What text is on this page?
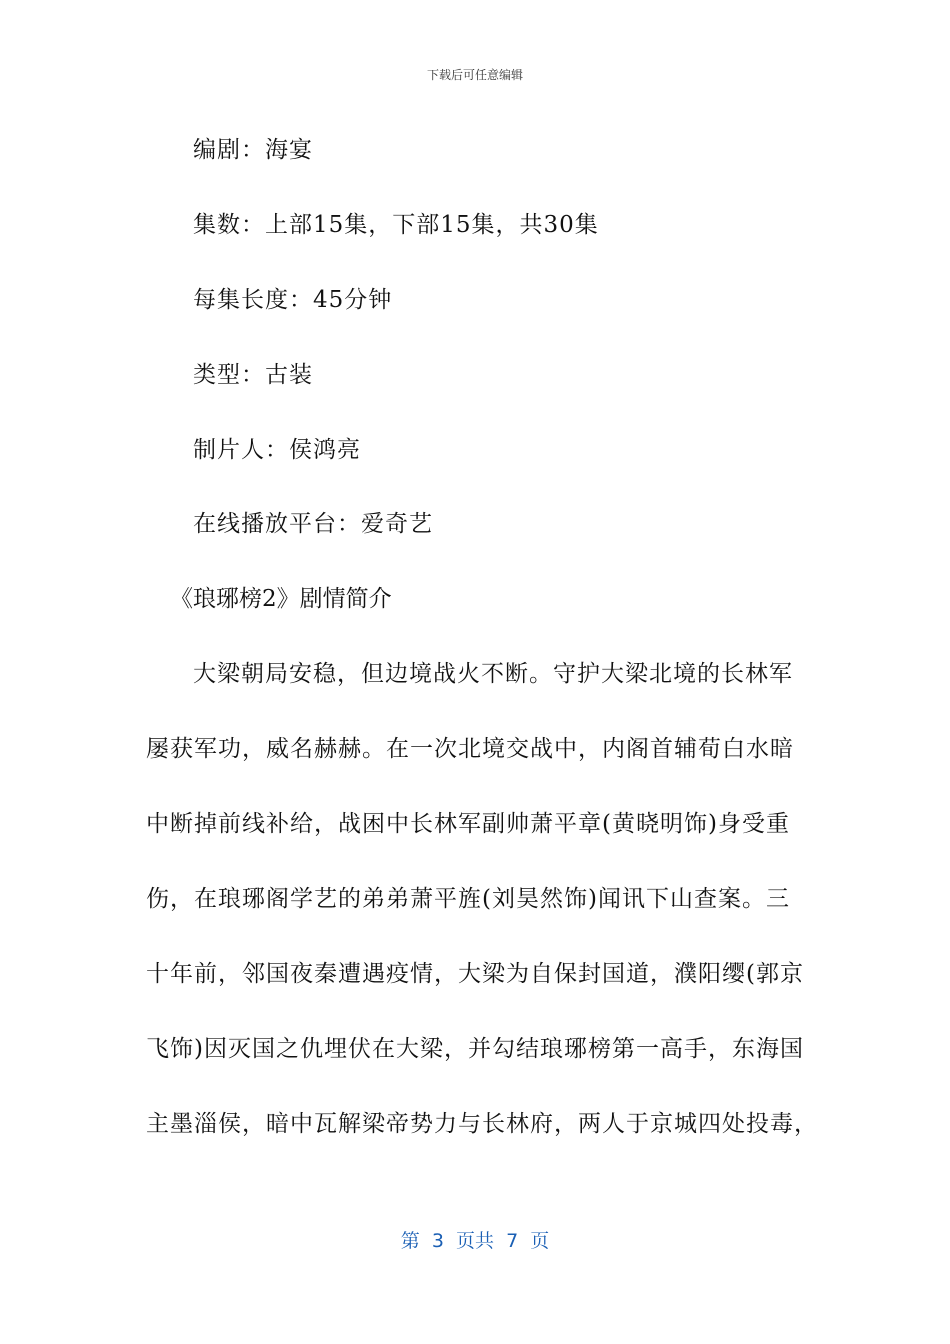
下载后可任意编辑
编剧：海宴
集数：上部15集，下部15集，共30集
每集长度：45分钟
类型：古装
制片人：侯鸿亮
在线播放平台：爱奇艺
《琅琊榜2》剧情简介
大梁朝局安稳，但边境战火不断。守护大梁北境的长林军
屡获军功，威名赫赫。在一次北境交战中，内阁首辅荀白水暗
中断掉前线补给，战困中长林军副帅萧平章(黄晓明饰)身受重
伤，在琅琊阁学艺的弟弟萧平旌(刘昊然饰)闻讯下山查案。三
十年前，邻国夜秦遭遇疫情，大梁为自保封国道，濮阳缨(郭京
飞饰)因灭国之仇埋伏在大梁，并勾结琅琊榜第一高手，东海国
主墨淄侯，暗中瓦解梁帝势力与长林府，两人于京城四处投毒，
第  3  页共  7  页
